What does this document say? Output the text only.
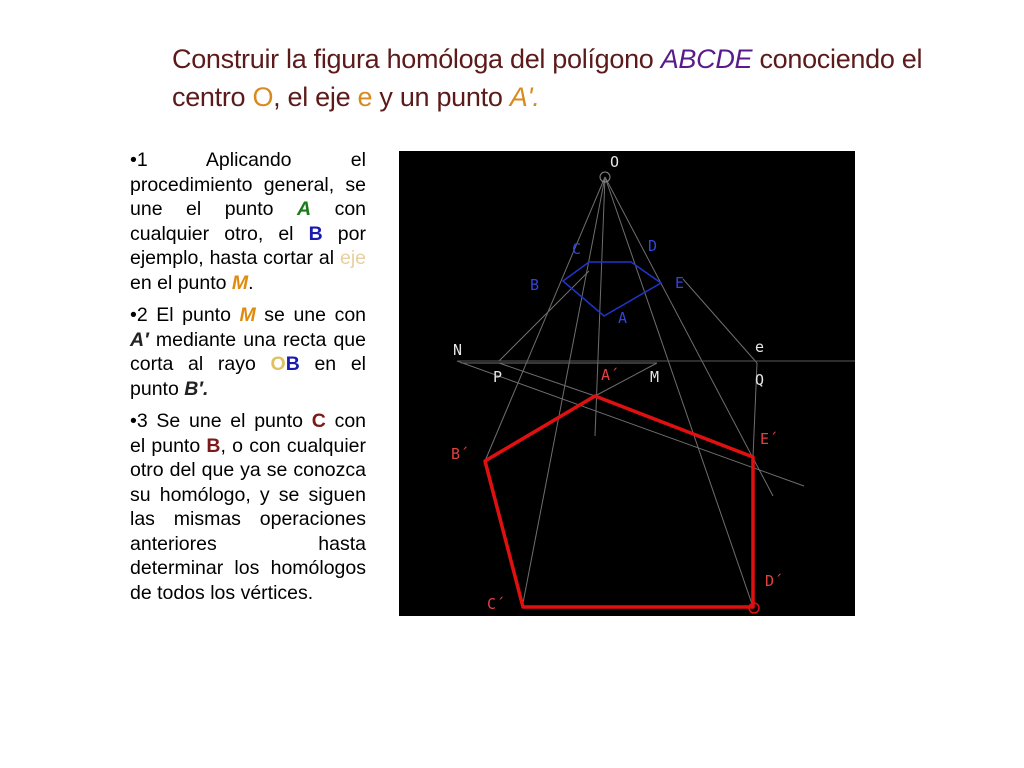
Construir la figura homóloga del polígono ABCDE conociendo el centro O, el eje e y un punto A'.

•1 Aplicando el procedimiento general, se une el punto A con cualquier otro, el B por ejemplo, hasta cortar al eje en el punto M.

•2 El punto M se une con A′ mediante una recta que corta al rayo OB en el punto B′.

•3 Se une el punto C con el punto B, o con cualquier otro del que ya se conozca su homólogo, y se siguen las mismas operaciones anteriores hasta determinar los homólogos de todos los vértices.

O
C	D
B	E
A
N	e
P	A´ M	Q
B´
E´
D´
C´
